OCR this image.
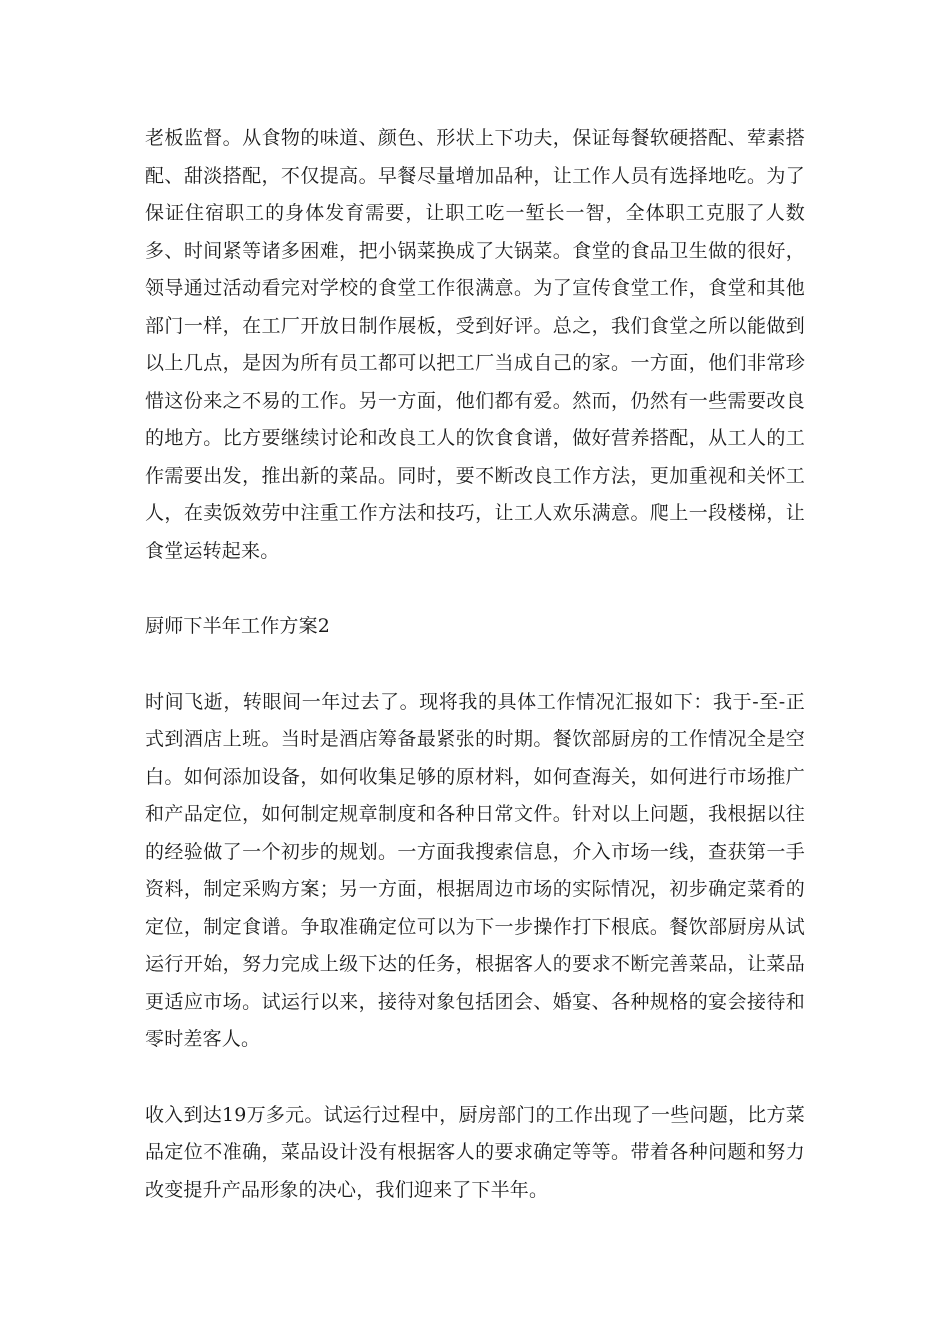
老板监督。从食物的味道、颜色、形状上下功夫，保证每餐软硬搭配、荤素搭配、甜淡搭配，不仅提高。早餐尽量增加品种，让工作人员有选择地吃。为了保证住宿职工的身体发育需要，让职工吃一堑长一智，全体职工克服了人数多、时间紧等诸多困难，把小锅菜换成了大锅菜。食堂的食品卫生做的很好，领导通过活动看完对学校的食堂工作很满意。为了宣传食堂工作，食堂和其他部门一样，在工厂开放日制作展板，受到好评。总之，我们食堂之所以能做到以上几点，是因为所有员工都可以把工厂当成自己的家。一方面，他们非常珍惜这份来之不易的工作。另一方面，他们都有爱。然而，仍然有一些需要改良的地方。比方要继续讨论和改良工人的饮食食谱，做好营养搭配，从工人的工作需要出发，推出新的菜品。同时，要不断改良工作方法，更加重视和关怀工人，在卖饭效劳中注重工作方法和技巧，让工人欢乐满意。爬上一段楼梯，让食堂运转起来。

厨师下半年工作方案2

时间飞逝，转眼间一年过去了。现将我的具体工作情况汇报如下：我于-至-正式到酒店上班。当时是酒店筹备最紧张的时期。餐饮部厨房的工作情况全是空白。如何添加设备，如何收集足够的原材料，如何查海关，如何进行市场推广和产品定位，如何制定规章制度和各种日常文件。针对以上问题，我根据以往的经验做了一个初步的规划。一方面我搜索信息，介入市场一线，查获第一手资料，制定采购方案；另一方面，根据周边市场的实际情况，初步确定菜肴的定位，制定食谱。争取准确定位可以为下一步操作打下根底。餐饮部厨房从试运行开始，努力完成上级下达的任务，根据客人的要求不断完善菜品，让菜品更适应市场。试运行以来，接待对象包括团会、婚宴、各种规格的宴会接待和零时差客人。

收入到达19万多元。试运行过程中，厨房部门的工作出现了一些问题，比方菜品定位不准确，菜品设计没有根据客人的要求确定等等。带着各种问题和努力改变提升产品形象的决心，我们迎来了下半年。
